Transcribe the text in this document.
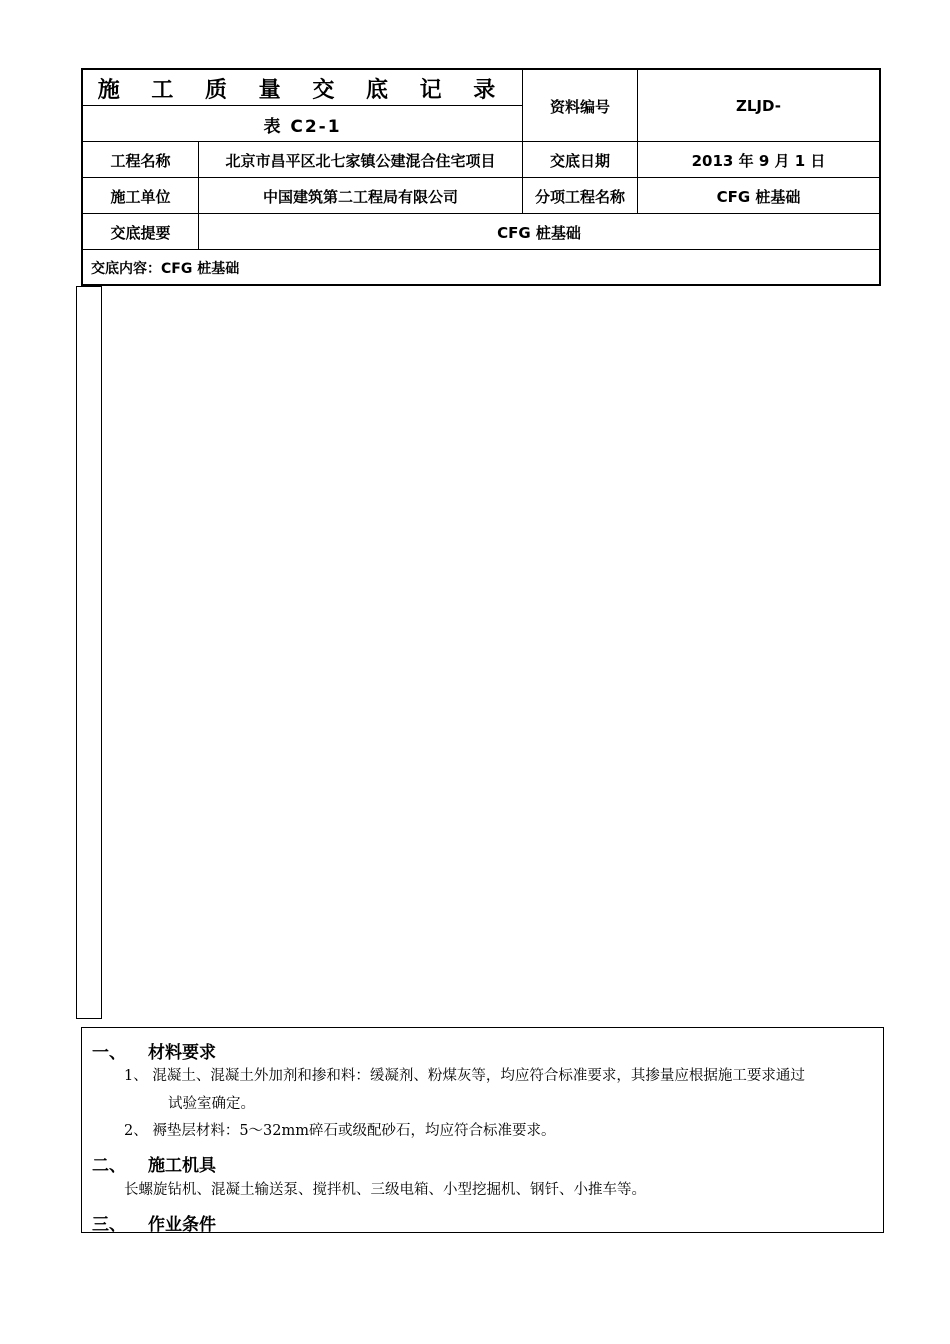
施 工 质 量 交 底 记 录
表 C2-1
资料编号	ZLJD-
工程名称	北京市昌平区北七家镇公建混合住宅项目	交底日期	2013 年 9 月 1 日
施工单位	中国建筑第二工程局有限公司	分项工程名称	CFG 桩基础
交底提要	CFG 桩基础
交底内容：CFG 桩基础
一、 材料要求
1、 混凝土、混凝土外加剂和掺和料：缓凝剂、粉煤灰等，均应符合标准要求，其掺量应根据施工要求通过
试验室确定。
2、 褥垫层材料：5～32mm碎石或级配砂石，均应符合标准要求。
二、 施工机具
长螺旋钻机、混凝土输送泵、搅拌机、三级电箱、小型挖掘机、钢钎、小推车等。
三、 作业条件
